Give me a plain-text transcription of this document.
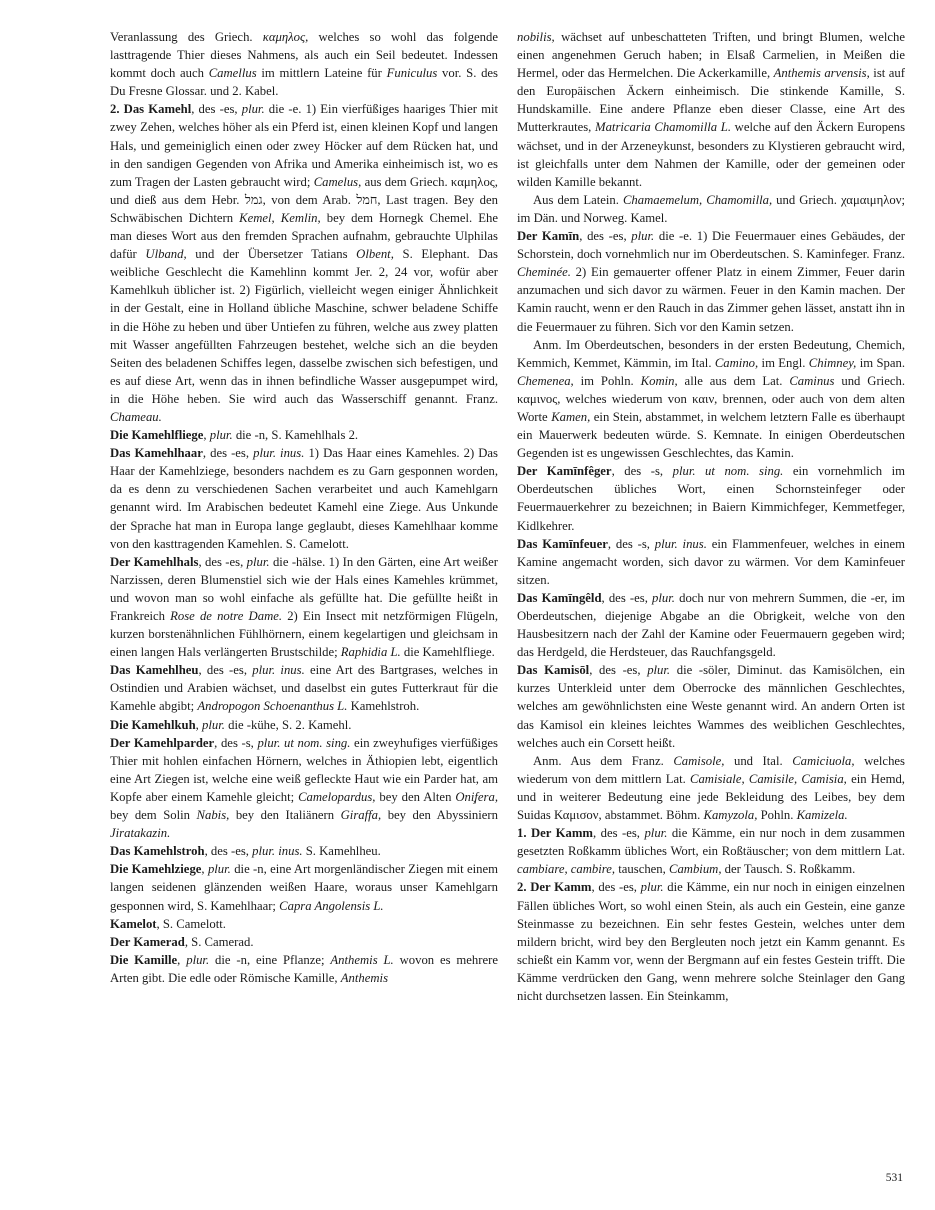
Veranlassung des Griech. καμηλος, welches so wohl das folgende lasttragende Thier dieses Nahmens, als auch ein Seil bedeutet. Indessen kommt doch auch Camellus im mittlern Lateine für Funiculus vor. S. des Du Fresne Glossar. und 2. Kabel.

2. Das Kamehl, des -es, plur. die -e. 1) Ein vierfüßiges haariges Thier mit zwey Zehen, welches höher als ein Pferd ist, einen kleinen Kopf und langen Hals, und gemeiniglich einen oder zwey Höcker auf dem Rücken hat, und in den sandigen Gegenden von Afrika und Amerika einheimisch ist, wo es zum Tragen der Lasten gebraucht wird; Camelus, aus dem Griech. καμηλος, und dieß aus dem Hebr. גמל, von dem Arab. חמל, Last tragen. Bey den Schwäbischen Dichtern Kemel, Kemlin, bey dem Hornegk Chemel. Ehe man dieses Wort aus den fremden Sprachen aufnahm, gebrauchte Ulphilas dafür Ulband, und der Übersetzer Tatians Olbent, S. Elephant. Das weibliche Geschlecht die Kamehlinn kommt Jer. 2, 24 vor, wofür aber Kamehlkuh üblicher ist. 2) Figürlich, vielleicht wegen einiger Ähnlichkeit in der Gestalt, eine in Holland übliche Maschine, schwer beladene Schiffe in die Höhe zu heben und über Untiefen zu führen, welche aus zwey platten mit Wasser angefüllten Fahrzeugen bestehet, welche sich an die beyden Seiten des beladenen Schiffes legen, dasselbe zwischen sich befestigen, und es auf diese Art, wenn das in ihnen befindliche Wasser ausgepumpet wird, in die Höhe heben. Sie wird auch das Wasserschiff genannt. Franz. Chameau.

Die Kamehlfliege, plur. die -n, S. Kamehlhals 2.

Das Kamehlhaar, des -es, plur. inus. 1) Das Haar eines Kamehles. 2) Das Haar der Kamehlziege, besonders nachdem es zu Garn gesponnen worden, da es denn zu verschiedenen Sachen verarbeitet und auch Kamehlgarn genannt wird. Im Arabischen bedeutet Kamehl eine Ziege. Aus Unkunde der Sprache hat man in Europa lange geglaubt, dieses Kamehlhaar komme von den kasttragenden Kamehlen. S. Camelott.

Der Kamehlhals, des -es, plur. die -hälse. 1) In den Gärten, eine Art weißer Narzissen, deren Blumenstiel sich wie der Hals eines Kamehles krümmet, und wovon man so wohl einfache als gefüllte hat. Die gefüllte heißt in Frankreich Rose de notre Dame. 2) Ein Insect mit netzförmigen Flügeln, kurzen borstenähnlichen Fühlhörnern, einem kegelartigen und gleichsam in einen langen Hals verlängerten Brustschilde; Raphidia L. die Kamehlfliege.

Das Kamehlheu, des -es, plur. inus. eine Art des Bartgrases, welches in Ostindien und Arabien wächset, und daselbst ein gutes Futterkraut für die Kamehle abgibt; Andropogon Schoenanthus L. Kamehlstroh.

Die Kamehlkuh, plur. die -kühe, S. 2. Kamehl.

Der Kamehlparder, des -s, plur. ut nom. sing. ein zweyhufiges vierfüßiges Thier mit hohlen einfachen Hörnern, welches in Äthiopien lebt, eigentlich eine Art Ziegen ist, welche eine weiß gefleckte Haut wie ein Parder hat, am Kopfe aber einem Kamehle gleicht; Camelopardus, bey den Alten Oni̧fera, bey dem Solin Nabis, bey den Italiänern Giraffa, bey den Abyssiniern Jiratakazin.

Das Kamehlstroh, des -es, plur. inus. S. Kamehlheu.

Die Kamehlziege, plur. die -n, eine Art morgenländischer Ziegen mit einem langen seidenen glänzenden weißen Haare, woraus unser Kamehlgarn gesponnen wird, S. Kamehlhaar; Capra Angolensis L.

Kamelot, S. Camelott.

Der Kamerad, S. Camerad.

Die Kamille, plur. die -n, eine Pflanze; Anthemis L. wovon es mehrere Arten gibt. Die edle oder Römische Kamille, Anthemis

nobilis, wächset auf unbeschatteten Triften, und bringt Blumen, welche einen angenehmen Geruch haben; in Elsaß Carmelien, in Meißen die Hermel, oder das Hermelchen. Die Ackerkamille, Anthemis arvensis, ist auf den Europäischen Äckern einheimisch. Die stinkende Kamille, S. Hundskamille. Eine andere Pflanze eben dieser Classe, eine Art des Mutterkrautes, Matricaria Chamomilla L. welche auf den Äckern Europens wächset, und in der Arzeneykunst, besonders zu Klystieren gebraucht wird, ist gleichfalls unter dem Nahmen der Kamille, oder der gemeinen oder wilden Kamille bekannt.

Aus dem Latein. Chamaemelum, Chamomilla, und Griech. χαμαιμηλον; im Dän. und Norweg. Kamel.

Der Kamīn, des -es, plur. die -e. 1) Die Feuermauer eines Gebäudes, der Schorstein, doch vornehmlich nur im Oberdeutschen. S. Kaminfeger. Franz. Cheminée. 2) Ein gemauerter offener Platz in einem Zimmer, Feuer darin anzumachen und sich davor zu wärmen. Feuer in den Kamin machen. Der Kamin raucht, wenn er den Rauch in das Zimmer gehen lässet, anstatt ihn in die Feuermauer zu führen. Sich vor den Kamin setzen.

Anm. Im Oberdeutschen, besonders in der ersten Bedeutung, Chemich, Kemmich, Kemmet, Kämmin, im Ital. Camino, im Engl. Chimney, im Span. Chemenea, im Pohln. Komin, alle aus dem Lat. Caminus und Griech. καμινος, welches wiederum von καιν, brennen, oder auch von dem alten Worte Kamen, ein Stein, abstammet, in welchem letztern Falle es überhaupt ein Mauerwerk bedeuten würde. S. Kemnate. In einigen Oberdeutschen Gegenden ist es ungewissen Geschlechtes, das Kamin.

Der Kamīnfêger, des -s, plur. ut nom. sing. ein vornehmlich im Oberdeutschen übliches Wort, einen Schornsteinfeger oder Feuermauerkehrer zu bezeichnen; in Baiern Kimmichfeger, Kemmetfeger, Kidlkehrer.

Das Kamīnfeuer, des -s, plur. inus. ein Flammenfeuer, welches in einem Kamine angemacht worden, sich davor zu wärmen. Vor dem Kaminfeuer sitzen.

Das Kamīngêld, des -es, plur. doch nur von mehrern Summen, die -er, im Oberdeutschen, diejenige Abgabe an die Obrigkeit, welche von den Hausbesitzern nach der Zahl der Kamine oder Feuermauern gegeben wird; das Herdgeld, die Herdsteuer, das Rauchfangsgeld.

Das Kamisōl, des -es, plur. die -söler, Diminut. das Kamisölchen, ein kurzes Unterkleid unter dem Oberrocke des männlichen Geschlechtes, welches am gewöhnlichsten eine Weste genannt wird. An andern Orten ist das Kamisol ein kleines leichtes Wammes des weiblichen Geschlechtes, welches auch ein Corsett heißt.

Anm. Aus dem Franz. Camisole, und Ital. Camiciuola, welches wiederum von dem mittlern Lat. Camisiale, Camisile, Camisia, ein Hemd, und in weiterer Bedeutung eine jede Bekleidung des Leibes, bey dem Suidas Καμισον, abstammet. Böhm. Kamyzola, Pohln. Kamizela.

1. Der Kamm, des -es, plur. die Kämme, ein nur noch in dem zusammen gesetzten Roßkamm übliches Wort, ein Roßtäuscher; von dem mittlern Lat. cambiare, cambire, tauschen, Cambium, der Tausch. S. Roßkamm.

2. Der Kamm, des -es, plur. die Kämme, ein nur noch in einigen einzelnen Fällen übliches Wort, so wohl einen Stein, als auch ein Gestein, eine ganze Steinmasse zu bezeichnen. Ein sehr festes Gestein, welches unter dem mildern bricht, wird bey den Bergleuten noch jetzt ein Kamm genannt. Es schießt ein Kamm vor, wenn der Bergmann auf ein festes Gestein trifft. Die Kämme verdrücken den Gang, wenn mehrere solche Steinlager den Gang nicht durchsetzen lassen. Ein Steinkamm,

531
